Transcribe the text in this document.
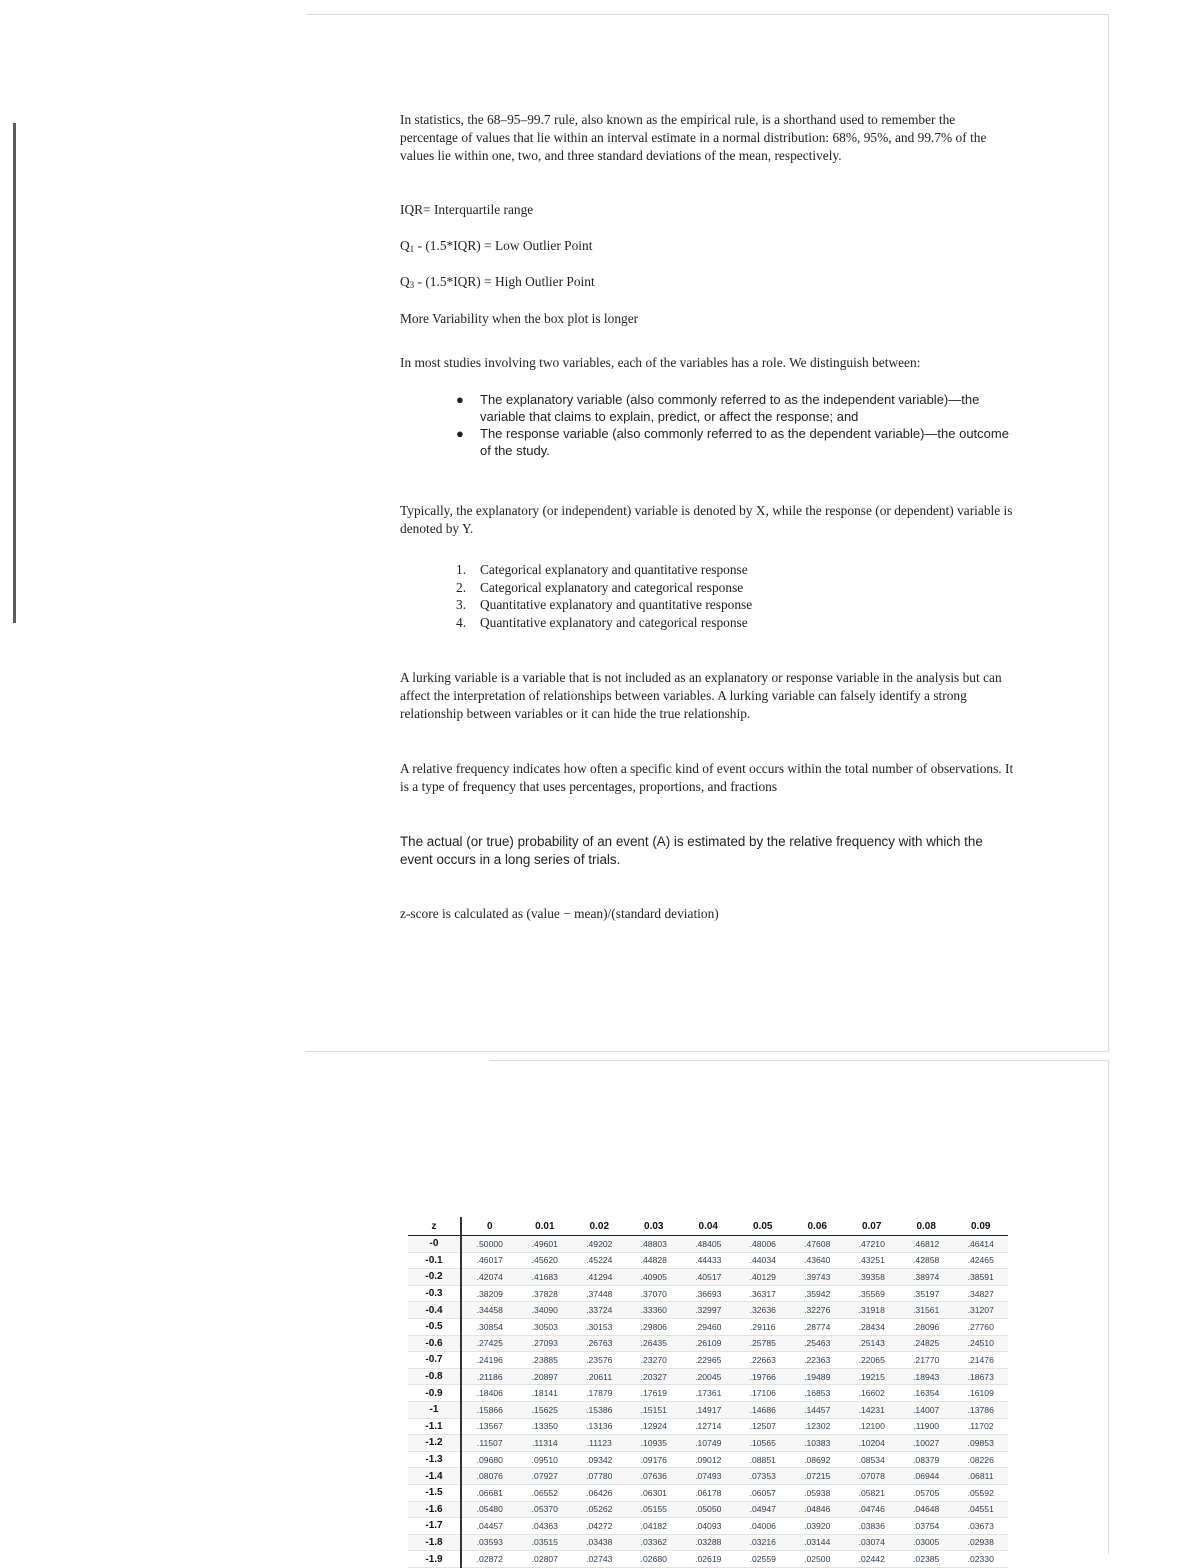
In statistics, the 68–95–99.7 rule, also known as the empirical rule, is a shorthand used to remember the percentage of values that lie within an interval estimate in a normal distribution: 68%, 95%, and 99.7% of the values lie within one, two, and three standard deviations of the mean, respectively.

IQR= Interquartile range
$Q_1 - (1.5*IQR)$ = Low Outlier Point
$Q_3 - (1.5*IQR)$ = High Outlier Point
More Variability when the box plot is longer
In most studies involving two variables, each of the variables has a role. We distinguish between:
● The explanatory variable (also commonly referred to as the independent variable)—the variable that claims to explain, predict, or affect the response; and
● The response variable (also commonly referred to as the dependent variable)—the outcome of the study.
Typically, the explanatory (or independent) variable is denoted by X, while the response (or dependent) variable is denoted by Y.
1. Categorical explanatory and quantitative response
2. Categorical explanatory and categorical response
3. Quantitative explanatory and quantitative response
4. Quantitative explanatory and categorical response
A lurking variable is a variable that is not included as an explanatory or response variable in the analysis but can affect the interpretation of relationships between variables. A lurking variable can falsely identify a strong relationship between variables or it can hide the true relationship.
A relative frequency indicates how often a specific kind of event occurs within the total number of observations. It is a type of frequency that uses percentages, proportions, and fractions
The actual (or true) probability of an event (A) is estimated by the relative frequency with which the event occurs in a long series of trials.
z-score is calculated as (value − mean)/(standard deviation)
z	0	0.01	0.02	0.03	0.04	0.05	0.06	0.07	0.08	0.09
-0	.50000	.49601	.49202	.48803	.48405	.48006	.47608	.47210	.46812	.46414
-0.1	.46017	.45620	.45224	.44828	.44433	.44034	.43640	.43251	.42858	.42465
-0.2	.42074	.41683	.41294	.40905	.40517	.40129	.39743	.39358	.38974	.38591
-0.3	.38209	.37828	.37448	.37070	.36693	.36317	.35942	.35569	.35197	.34827
-0.4	.34458	.34090	.33724	.33360	.32997	.32636	.32276	.31918	.31561	.31207
-0.5	.30854	.30503	.30153	.29806	.29460	.29116	.28774	.28434	.28096	.27760
-0.6	.27425	.27093	.26763	.26435	.26109	.25785	.25463	.25143	.24825	.24510
-0.7	.24196	.23885	.23576	.23270	.22965	.22663	.22363	.22065	.21770	.21476
-0.8	.21186	.20897	.20611	.20327	.20045	.19766	.19489	.19215	.18943	.18673
-0.9	.18406	.18141	.17879	.17619	.17361	.17106	.16853	.16602	.16354	.16109
-1	.15866	.15625	.15386	.15151	.14917	.14686	.14457	.14231	.14007	.13786
-1.1	.13567	.13350	.13136	.12924	.12714	.12507	.12302	.12100	.11900	.11702
-1.2	.11507	.11314	.11123	.10935	.10749	.10565	.10383	.10204	.10027	.09853
-1.3	.09680	.09510	.09342	.09176	.09012	.08851	.08692	.08534	.08379	.08226
-1.4	.08076	.07927	.07780	.07636	.07493	.07353	.07215	.07078	.06944	.06811
-1.5	.06681	.06552	.06426	.06301	.06178	.06057	.05938	.05821	.05705	.05592
-1.6	.05480	.05370	.05262	.05155	.05050	.04947	.04846	.04746	.04648	.04551
-1.7	.04457	.04363	.04272	.04182	.04093	.04006	.03920	.03836	.03754	.03673
-1.8	.03593	.03515	.03438	.03362	.03288	.03216	.03144	.03074	.03005	.02938
-1.9	.02872	.02807	.02743	.02680	.02619	.02559	.02500	.02442	.02385	.02330
